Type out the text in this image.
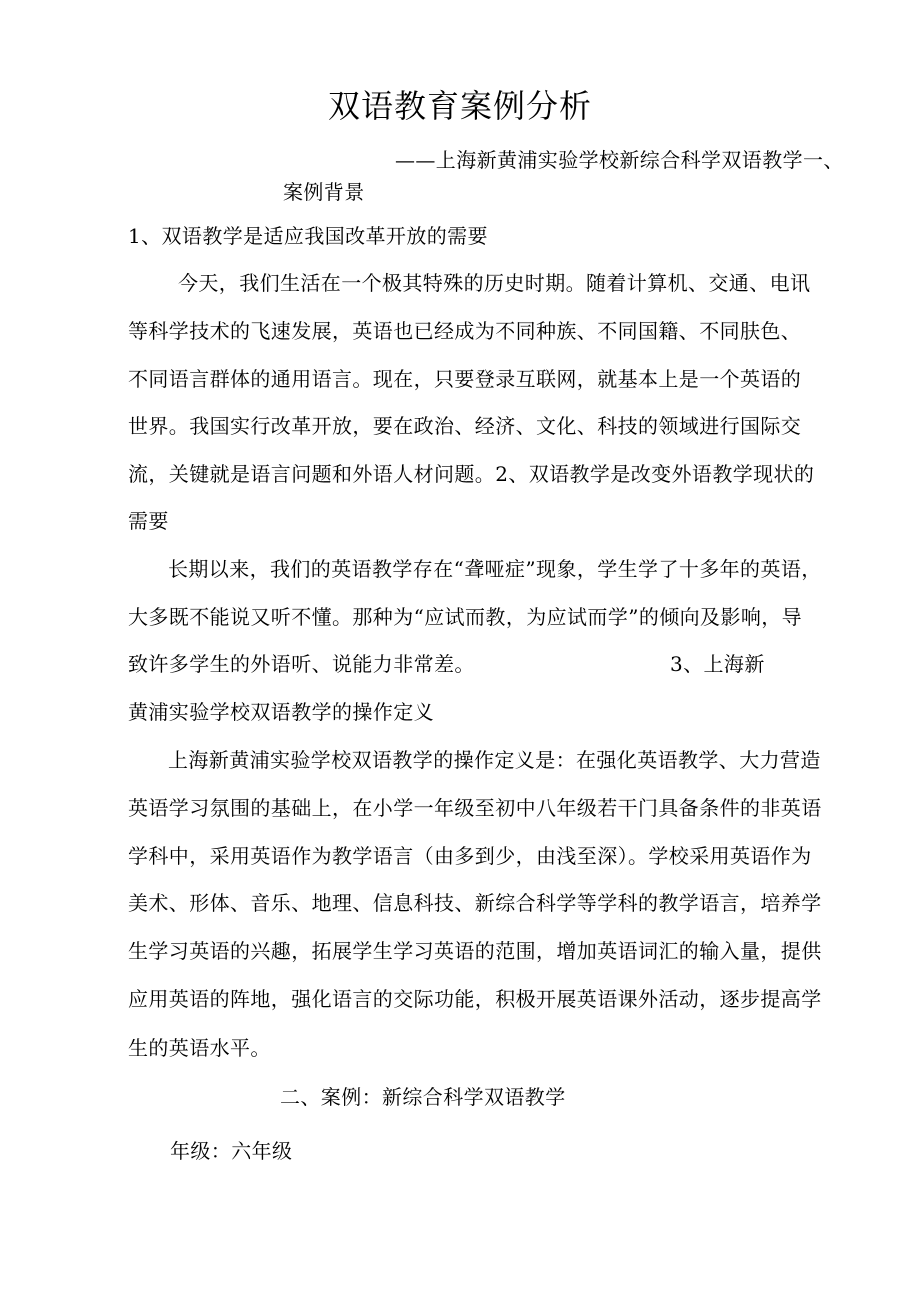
双语教育案例分析
——上海新黄浦实验学校新综合科学双语教学一、
案例背景
1、双语教学是适应我国改革开放的需要
今天，我们生活在一个极其特殊的历史时期。随着计算机、交通、电讯
等科学技术的飞速发展，英语也已经成为不同种族、不同国籍、不同肤色、
不同语言群体的通用语言。现在，只要登录互联网，就基本上是一个英语的
世界。我国实行改革开放，要在政治、经济、文化、科技的领域进行国际交
流，关键就是语言问题和外语人材问题。2、双语教学是改变外语教学现状的
需要
长期以来，我们的英语教学存在“聋哑症”现象，学生学了十多年的英语，
大多既不能说又听不懂。那种为“应试而教，为应试而学”的倾向及影响，导
致许多学生的外语听、说能力非常差。	3、上海新
黄浦实验学校双语教学的操作定义
上海新黄浦实验学校双语教学的操作定义是：在强化英语教学、大力营造
英语学习氛围的基础上，在小学一年级至初中八年级若干门具备条件的非英语
学科中，采用英语作为教学语言（由多到少，由浅至深）。学校采用英语作为
美术、形体、音乐、地理、信息科技、新综合科学等学科的教学语言，培养学
生学习英语的兴趣，拓展学生学习英语的范围，增加英语词汇的输入量，提供
应用英语的阵地，强化语言的交际功能，积极开展英语课外活动，逐步提高学
生的英语水平。
二、案例：新综合科学双语教学
年级：六年级
